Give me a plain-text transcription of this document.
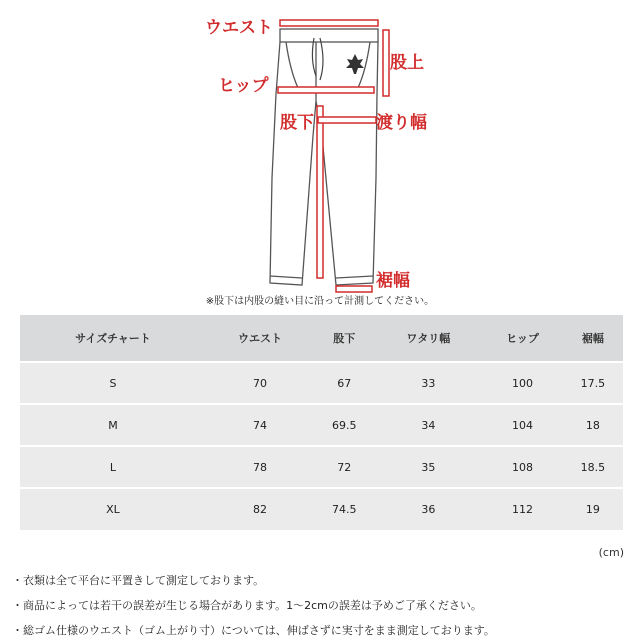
ウエスト
股上
ヒップ
股下	渡り幅
裾幅
※股下は内股の縫い目に沿って計測してください。
サイズチャート	ウエスト	股下	ワタリ幅	ヒップ	裾幅
S	70	67	33	100	17.5
M	74	69.5	34	104	18
L	78	72	35	108	18.5
XL	82	74.5	36	112	19
(cm)
・衣類は全て平台に平置きして測定しております。
・商品によっては若干の誤差が生じる場合があります。1～2cmの誤差は予めご了承ください。
・総ゴム仕様のウエスト（ゴム上がり寸）については、伸ばさずに実寸をまま測定しております。
